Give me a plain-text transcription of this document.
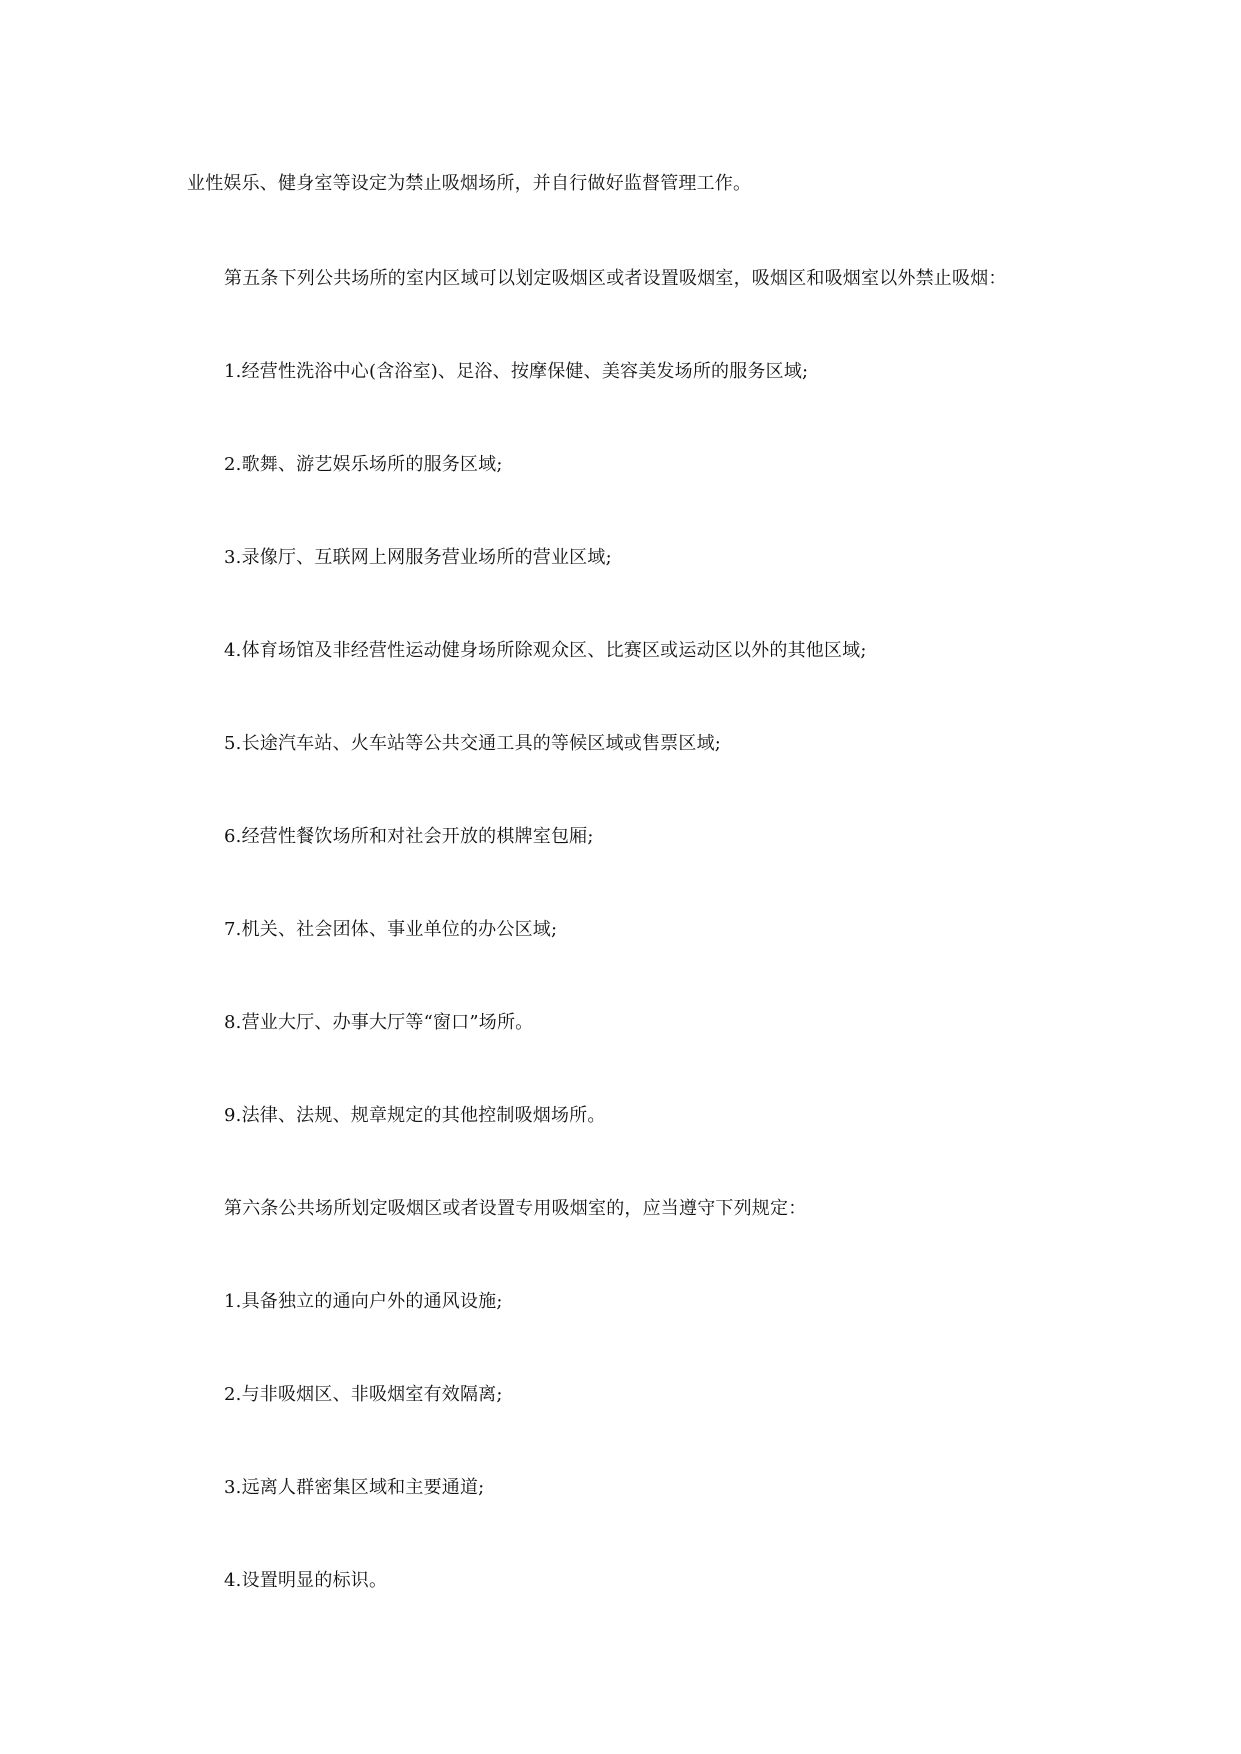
业性娱乐、健身室等设定为禁止吸烟场所，并自行做好监督管理工作。
第五条下列公共场所的室内区域可以划定吸烟区或者设置吸烟室，吸烟区和吸烟室以外禁止吸烟：
1.经营性洗浴中心(含浴室)、足浴、按摩保健、美容美发场所的服务区域;
2.歌舞、游艺娱乐场所的服务区域;
3.录像厅、互联网上网服务营业场所的营业区域;
4.体育场馆及非经营性运动健身场所除观众区、比赛区或运动区以外的其他区域;
5.长途汽车站、火车站等公共交通工具的等候区域或售票区域;
6.经营性餐饮场所和对社会开放的棋牌室包厢;
7.机关、社会团体、事业单位的办公区域;
8.营业大厅、办事大厅等“窗口”场所。
9.法律、法规、规章规定的其他控制吸烟场所。
第六条公共场所划定吸烟区或者设置专用吸烟室的，应当遵守下列规定：
1.具备独立的通向户外的通风设施;
2.与非吸烟区、非吸烟室有效隔离;
3.远离人群密集区域和主要通道;
4.设置明显的标识。
